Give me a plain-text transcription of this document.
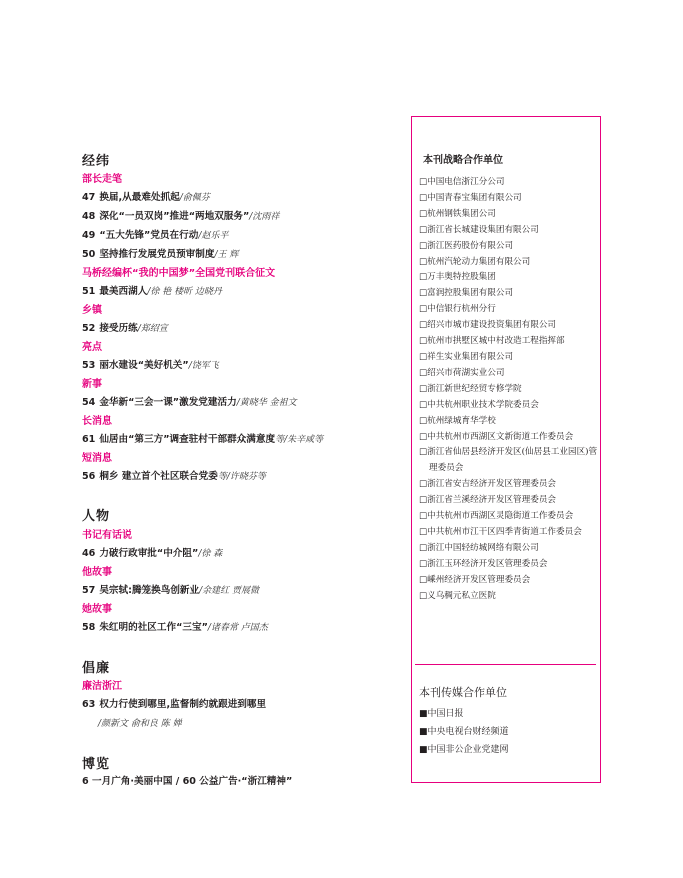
经纬
部长走笔
47 换届,从最难处抓起/俞佩芬
48 深化“一员双岗”推进“两地双服务”/沈雨祥
49 “五大先锋”党员在行动/赵乐平
50 坚持推行发展党员预审制度/王 辉
马桥经编杯“我的中国梦”全国党刊联合征文
51 最美西湖人/徐 艳 楼昕 边晓丹
乡镇
52 接受历练/郑绍宣
亮点
53 丽水建设“美好机关”/饶军飞
新事
54 金华新“三会一课”激发党建活力/黄晓华 金祖文
长消息
61 仙居由“第三方”调查驻村干部群众满意度等/朱辛咸等
短消息
56 桐乡 建立首个社区联合党委等/许晓芬等
人物
书记有话说
46 力破行政审批“中介阻”/徐 森
他故事
57 吴宗轼:腾笼换鸟创新业/余建红 贾展微
她故事
58 朱红明的社区工作“三宝”/诸春常 卢国杰
倡廉
廉洁浙江
63 权力行使到哪里,监督制约就跟进到哪里
/颜新文 俞和良 陈 婵
博览
6 一月广角·美丽中国 / 60 公益广告·“浙江精神”
本刊战略合作单位
□中国电信浙江分公司
□中国青春宝集团有限公司
□杭州钢铁集团公司
□浙江省长城建设集团有限公司
□浙江医药股份有限公司
□杭州汽轮动力集团有限公司
□万丰奥特控股集团
□富润控股集团有限公司
□中信银行杭州分行
□绍兴市城市建设投资集团有限公司
□杭州市拱墅区城中村改造工程指挥部
□祥生实业集团有限公司
□绍兴市荷湖实业公司
□浙江新世纪经贸专修学院
□中共杭州职业技术学院委员会
□杭州绿城育华学校
□中共杭州市西湖区文新街道工作委员会
□浙江省仙居县经济开发区(仙居县工业园区)管理委员会
□浙江省安吉经济开发区管理委员会
□浙江省兰溪经济开发区管理委员会
□中共杭州市西湖区灵隐街道工作委员会
□中共杭州市江干区四季青街道工作委员会
□浙江中国轻纺城网络有限公司
□浙江玉环经济开发区管理委员会
□嵊州经济开发区管理委员会
□义乌稠元私立医院
本刊传媒合作单位
■中国日报
■中央电视台财经频道
■中国非公企业党建网
